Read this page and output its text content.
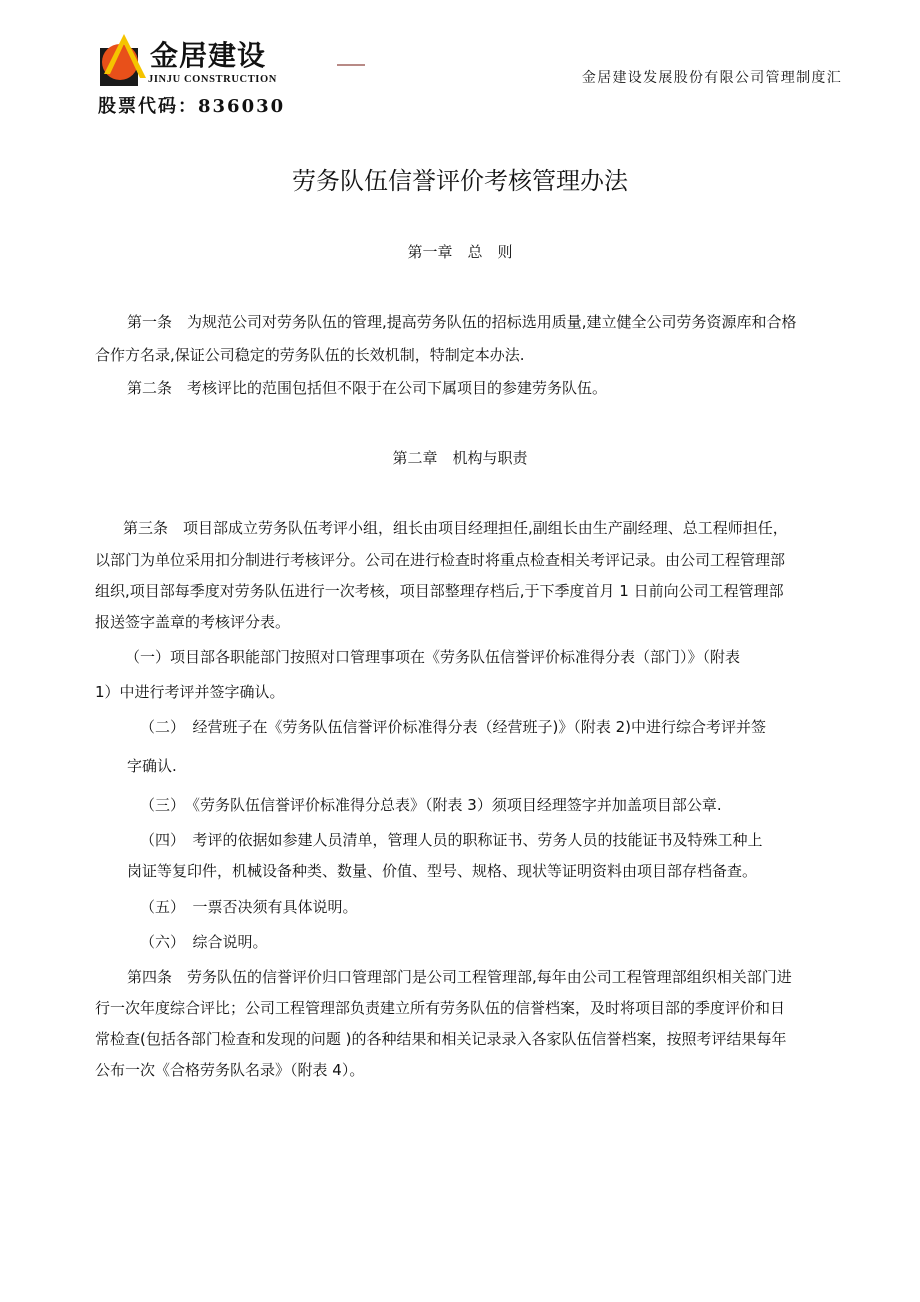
金居建设
JINJU CONSTRUCTION
股票代码：836030
金居建设发展股份有限公司管理制度汇
劳务队伍信誉评价考核管理办法
第一章　总　则
第一条　为规范公司对劳务队伍的管理,提高劳务队伍的招标选用质量,建立健全公司劳务资源库和合格
合作方名录,保证公司稳定的劳务队伍的长效机制，特制定本办法.
第二条　考核评比的范围包括但不限于在公司下属项目的参建劳务队伍。
第二章　机构与职责
第三条　项目部成立劳务队伍考评小组，组长由项目经理担任,副组长由生产副经理、总工程师担任，
以部门为单位采用扣分制进行考核评分。公司在进行检查时将重点检查相关考评记录。由公司工程管理部
组织,项目部每季度对劳务队伍进行一次考核，项目部整理存档后,于下季度首月 1 日前向公司工程管理部
报送签字盖章的考核评分表。
（一）项目部各职能部门按照对口管理事项在《劳务队伍信誉评价标准得分表（部门）》（附表
1）中进行考评并签字确认。
（二）　经营班子在《劳务队伍信誉评价标准得分表（经营班子)》（附表 2)中进行综合考评并签
字确认.
（三）　《劳务队伍信誉评价标准得分总表》（附表 3）须项目经理签字并加盖项目部公章.
（四）　考评的依据如参建人员清单，管理人员的职称证书、劳务人员的技能证书及特殊工种上
岗证等复印件，机械设备种类、数量、价值、型号、规格、现状等证明资料由项目部存档备查。
（五）　一票否决须有具体说明。
（六）　综合说明。
第四条　劳务队伍的信誉评价归口管理部门是公司工程管理部,每年由公司工程管理部组织相关部门进
行一次年度综合评比；公司工程管理部负责建立所有劳务队伍的信誉档案，及时将项目部的季度评价和日
常检查(包括各部门检查和发现的问题 )的各种结果和相关记录录入各家队伍信誉档案，按照考评结果每年
公布一次《合格劳务队名录》（附表 4）。
